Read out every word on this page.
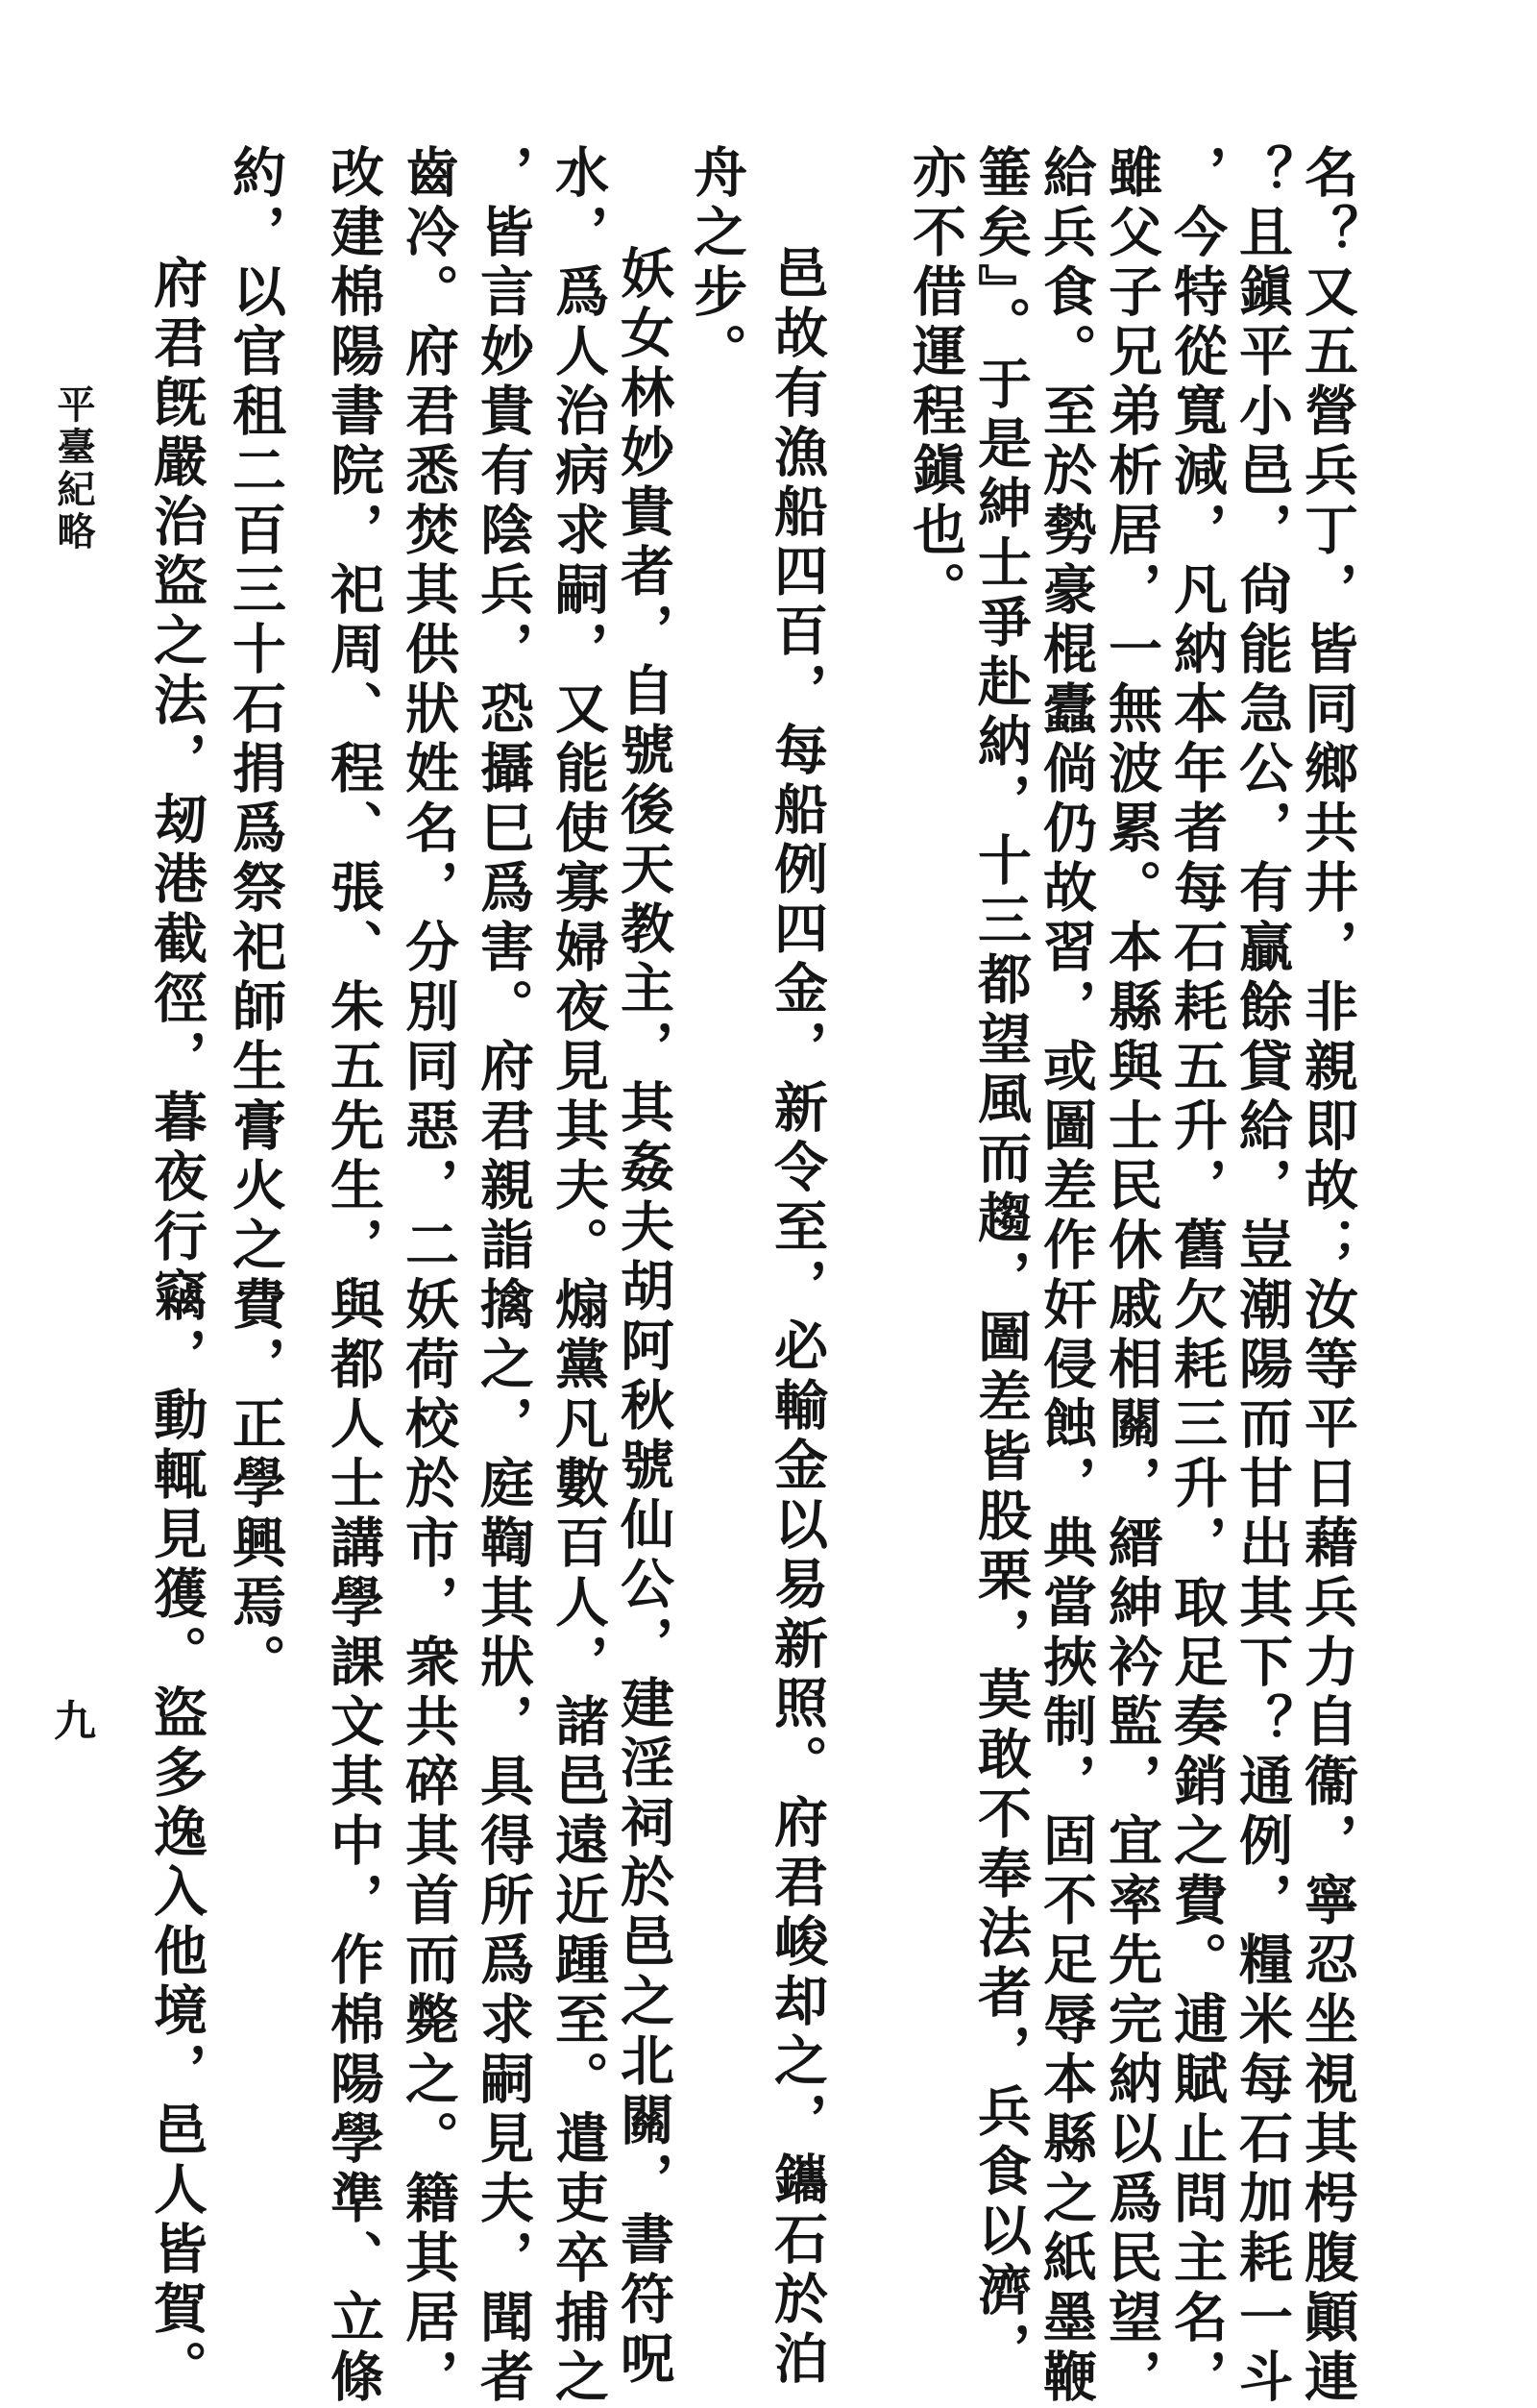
名？又五營兵丁，皆同鄉共井，非親即故；汝等平日藉兵力自衞，寧忍坐視其枵腹顚連
？且鎭平小邑，尙能急公，有贏餘貸給，豈潮陽而甘出其下？通例，糧米每石加耗一斗
，今特從寬減，凡納本年者每石耗五升，舊欠耗三升，取足奏銷之費。逋賦止問主名，
雖父子兄弟析居，一無波累。本縣與士民休戚相關，縉紳衿監，宜率先完納以爲民望，
給兵食。至於勢豪棍蠹倘仍故習，或圖差作奸侵蝕，典當挾制，固不足辱本縣之紙墨鞭
箠矣』。于是紳士爭赴納，十三都望風而趨，圖差皆股栗，莫敢不奉法者，兵食以濟，
亦不借運程鎭也。
邑故有漁船四百，每船例四金，新令至，必輸金以易新照。府君峻却之，鑴石於泊
舟之步。
妖女林妙貴者，自號後天教主，其姦夫胡阿秋號仙公，建淫祠於邑之北關，書符呪
水，爲人治病求嗣，又能使寡婦夜見其夫。煽黨凡數百人，諸邑遠近踵至。遣吏卒捕之
，皆言妙貴有陰兵，恐攝巳爲害。府君親詣擒之，庭鞫其狀，具得所爲求嗣見夫，聞者
齒冷。府君悉焚其供狀姓名，分別同惡，二妖荷校於市，衆共碎其首而斃之。籍其居，
改建棉陽書院，祀周、程、張、朱五先生，與都人士講學課文其中，作棉陽學準、立條
約，以官租二百三十石捐爲祭祀師生膏火之費，正學興焉。
府君旣嚴治盜之法，刼港截徑，暮夜行竊，動輒見獲。盜多逸入他境，邑人皆賀。
平臺紀略
九
